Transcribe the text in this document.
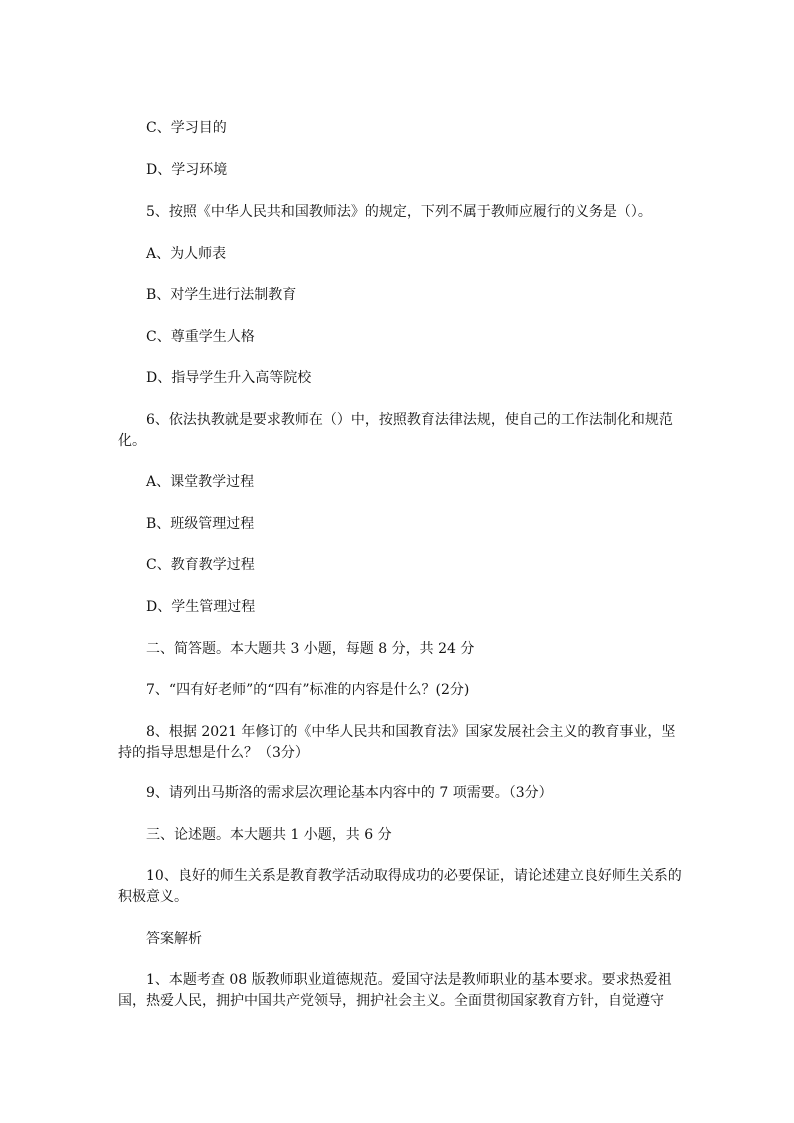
C、学习目的
D、学习环境
5、按照《中华人民共和国教师法》的规定，下列不属于教师应履行的义务是（）。
A、为人师表
B、对学生进行法制教育
C、尊重学生人格
D、指导学生升入高等院校
6、依法执教就是要求教师在（）中，按照教育法律法规，使自己的工作法制化和规范化。
A、课堂教学过程
B、班级管理过程
C、教育教学过程
D、学生管理过程
二、简答题。本大题共 3 小题，每题 8 分，共 24 分
7、“四有好老师”的“四有”标准的内容是什么？(2分)
8、根据 2021 年修订的《中华人民共和国教育法》国家发展社会主义的教育事业，坚持的指导思想是什么？（3分）
9、请列出马斯洛的需求层次理论基本内容中的 7 项需要。（3分）
三、论述题。本大题共 1 小题，共 6 分
10、良好的师生关系是教育教学活动取得成功的必要保证，请论述建立良好师生关系的积极意义。
答案解析
1、本题考查 08 版教师职业道德规范。爱国守法是教师职业的基本要求。要求热爱祖国，热爱人民，拥护中国共产党领导，拥护社会主义。全面贯彻国家教育方针，自觉遵守
